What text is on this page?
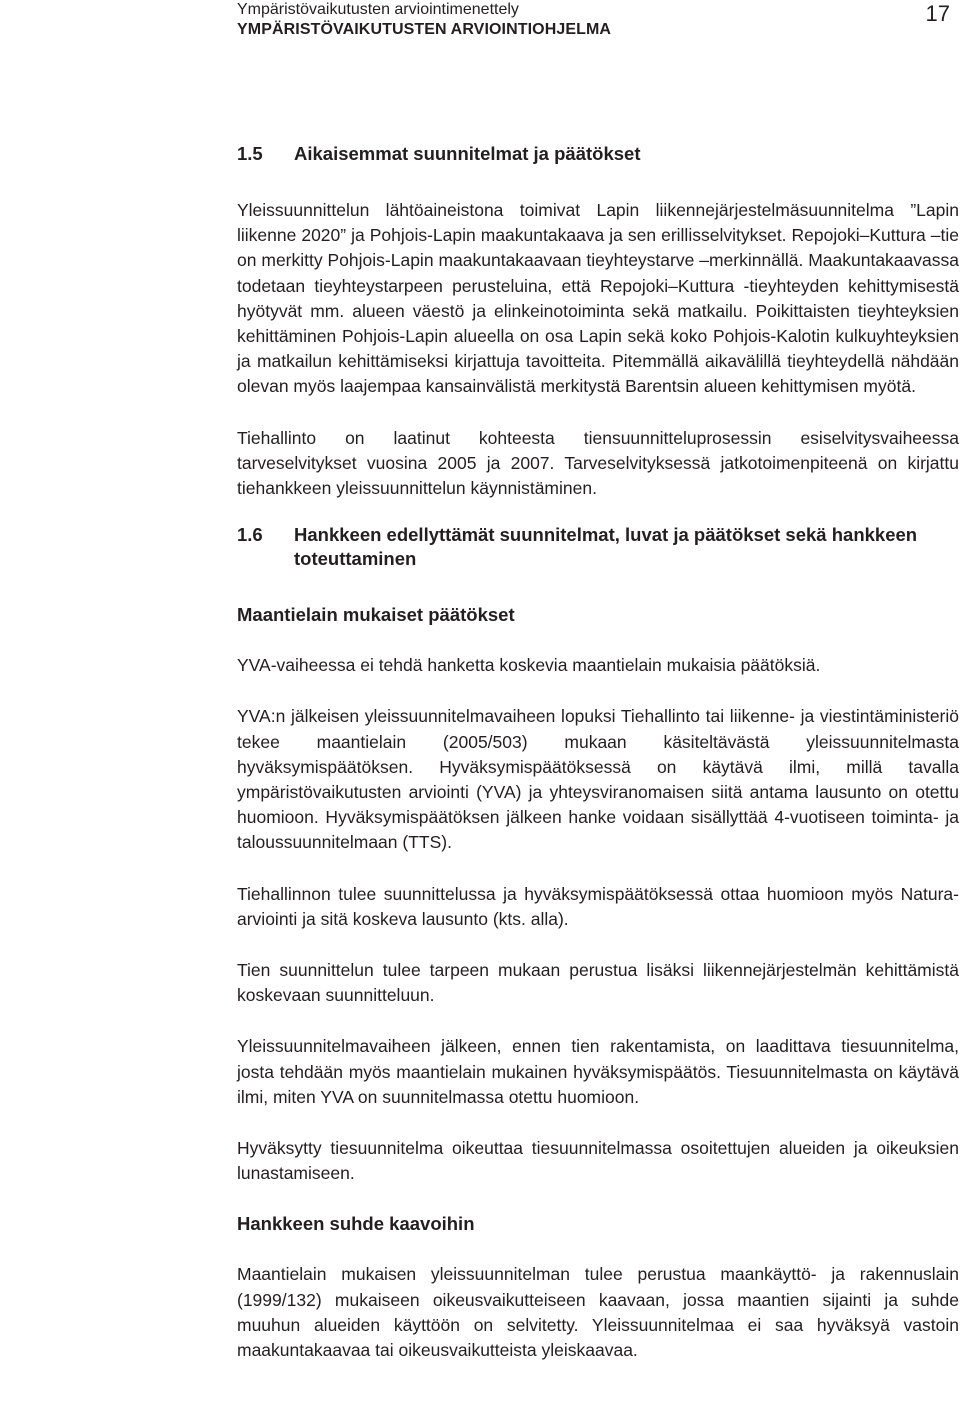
Ympäristövaikutusten arviointimenettely
YMPÄRISTÖVAIKUTUSTEN ARVIOINTIOHJELMA
17
1.5	Aikaisemmat suunnitelmat ja päätökset

Yleissuunnittelun lähtöaineistona toimivat Lapin liikennejärjestelmäsuunnitelma ”Lapin liikenne 2020” ja Pohjois-Lapin maakuntakaava ja sen erillisselvitykset. Repojoki–Kuttura –tie on merkitty Pohjois-Lapin maakuntakaavaan tieyhteystarve –merkinnällä. Maakuntakaavassa todetaan tieyhteystarpeen perusteluina, että Repojoki–Kuttura -tieyhteyden kehittymisestä hyötyvät mm. alueen väestö ja elinkeinotoiminta sekä matkailu. Poikittaisten tieyhteyksien kehittäminen Pohjois-Lapin alueella on osa Lapin sekä koko Pohjois-Kalotin kulkuyhteyksien ja matkailun kehittämiseksi kirjattuja tavoitteita. Pitemmällä aikavälillä tieyhteydellä nähdään olevan myös laajempaa kansainvälistä merkitystä Barentsin alueen kehittymisen myötä.

Tiehallinto on laatinut kohteesta tiensuunnitteluprosessin esiselvitysvaiheessa tarveselvitykset vuosina 2005 ja 2007. Tarveselvityksessä jatkotoimenpiteenä on kirjattu tiehankkeen yleissuunnittelun käynnistäminen.

1.6	Hankkeen edellyttämät suunnitelmat, luvat ja päätökset sekä hankkeen toteuttaminen
Maantielain mukaiset päätökset

YVA-vaiheessa ei tehdä hanketta koskevia maantielain mukaisia päätöksiä.

YVA:n jälkeisen yleissuunnitelmavaiheen lopuksi Tiehallinto tai liikenne- ja viestintäministeriö tekee maantielain (2005/503) mukaan käsiteltävästä yleissuunnitelmasta hyväksymispäätöksen. Hyväksymispäätöksessä on käytävä ilmi, millä tavalla ympäristövaikutusten arviointi (YVA) ja yhteysviranomaisen siitä antama lausunto on otettu huomioon. Hyväksymispäätöksen jälkeen hanke voidaan sisällyttää 4-vuotiseen toiminta- ja taloussuunnitelmaan (TTS).

Tiehallinnon tulee suunnittelussa ja hyväksymispäätöksessä ottaa huomioon myös Natura-arviointi ja sitä koskeva lausunto (kts. alla).

Tien suunnittelun tulee tarpeen mukaan perustua lisäksi liikennejärjestelmän kehittämistä koskevaan suunnitteluun.

Yleissuunnitelmavaiheen jälkeen, ennen tien rakentamista, on laadittava tiesuunnitelma, josta tehdään myös maantielain mukainen hyväksymispäätös. Tiesuunnitelmasta on käytävä ilmi, miten YVA on suunnitelmassa otettu huomioon.

Hyväksytty tiesuunnitelma oikeuttaa tiesuunnitelmassa osoitettujen alueiden ja oikeuksien lunastamiseen.

Hankkeen suhde kaavoihin

Maantielain mukaisen yleissuunnitelman tulee perustua maankäyttö- ja rakennuslain (1999/132) mukaiseen oikeusvaikutteiseen kaavaan, jossa maantien sijainti ja suhde muuhun alueiden käyttöön on selvitetty. Yleissuunnitelmaa ei saa hyväksyä vastoin maakuntakaavaa tai oikeusvaikutteista yleiskaavaa.
